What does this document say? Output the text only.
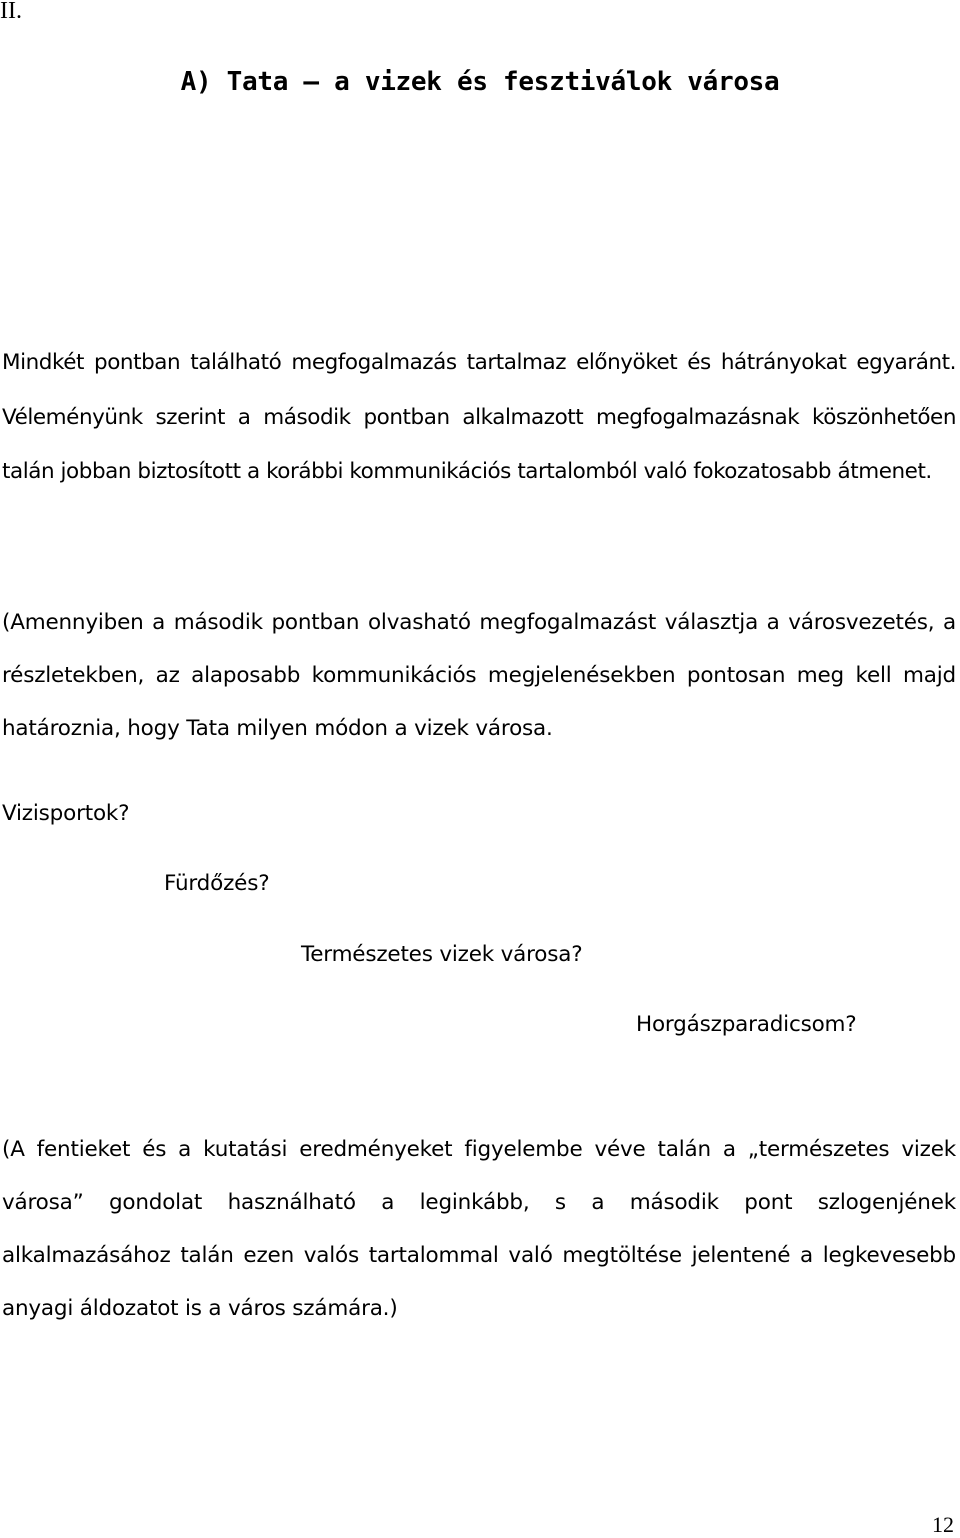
II.
A) Tata – a vizek és fesztiválok városa

Mindkét pontban található megfogalmazás tartalmaz előnyöket és hátrányokat egyaránt. Véleményünk szerint a második pontban alkalmazott megfogalmazásnak köszönhetően talán jobban biztosított a korábbi kommunikációs tartalomból való fokozatosabb átmenet.

(Amennyiben a második pontban olvasható megfogalmazást választja a városvezetés, a részletekben, az alaposabb kommunikációs megjelenésekben pontosan meg kell majd határoznia, hogy Tata milyen módon a vizek városa.

Vizisportok?
Fürdőzés?
Természetes vizek városa?
Horgászparadicsom?

(A fentieket és a kutatási eredményeket figyelembe véve talán a „természetes vizek városa” gondolat használható a leginkább, s a második pont szlogenjének alkalmazásához talán ezen valós tartalommal való megtöltése jelentené a legkevesebb anyagi áldozatot is a város számára.)

12
